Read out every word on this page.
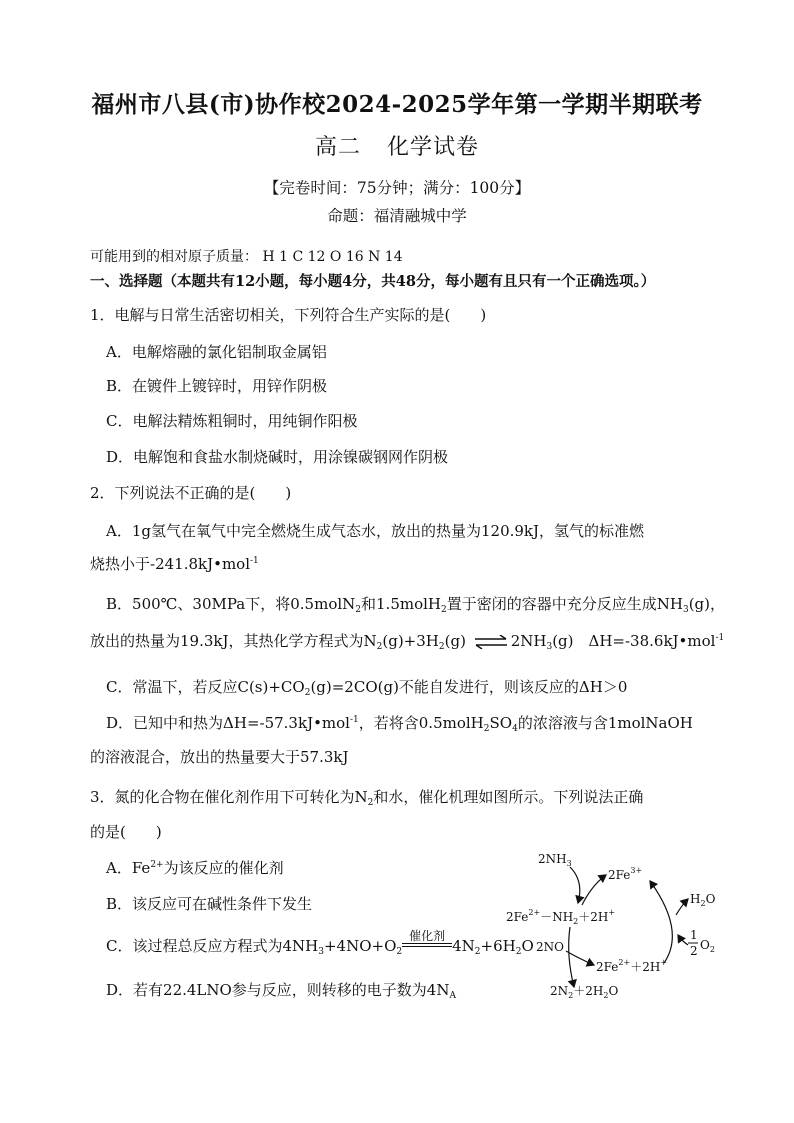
福州市八县(市)协作校2024-2025学年第一学期半期联考
高二 化学试卷
【完卷时间：75分钟；满分：100分】
命题：福清融城中学
可能用到的相对原子质量： H 1 C 12 O 16 N 14
一、选择题（本题共有12小题，每小题4分，共48分，每小题有且只有一个正确选项。）
1．电解与日常生活密切相关，下列符合生产实际的是(　　)
A．电解熔融的氯化铝制取金属铝
B．在镀件上镀锌时，用锌作阴极
C．电解法精炼粗铜时，用纯铜作阳极
D．电解饱和食盐水制烧碱时，用涂镍碳钢网作阴极
2．下列说法不正确的是(　　)
A．1g氢气在氧气中完全燃烧生成气态水，放出的热量为120.9kJ，氢气的标准燃
烧热小于-241.8kJ•mol$^{-1}$
B．500℃、30MPa下，将0.5molN$_2$和1.5molH$_2$置于密闭的容器中充分反应生成$NH_3(g)$，
放出的热量为19.3kJ，其热化学方程式为$N_2(g)+3H_2(g)$ ⇌ $2NH_3(g)$　ΔH=-38.6kJ•mol$^{-1}$
C．常温下，若反应$C(s)+CO_2(g)=2CO(g)$不能自发进行，则该反应的ΔH＞0
D．已知中和热为ΔH=-57.3kJ•mol$^{-1}$，若将含$0.5molH_2SO_4$的浓溶液与含1molNaOH
的溶液混合，放出的热量要大于57.3kJ
3．氮的化合物在催化剂作用下可转化为$N_2$和水，催化机理如图所示。下列说法正确
的是(　　)
A．$Fe^{2+}$为该反应的催化剂
B．该反应可在碱性条件下发生
C．该过程总反应方程式为$4NH_3+4NO+O_2$
催化剂
$4N_2+6H_2O$
D．若有22.4LNO参与反应，则转移的电子数为$4N_A$
$2NH_3$
$2Fe^{3+}$
$2Fe^{2+}-NH_2+2H^+$
$H_2O$
1
2 $O_2$
2NO
$2Fe^{2+}+2H^+$
$2N_2+2H_2O$
